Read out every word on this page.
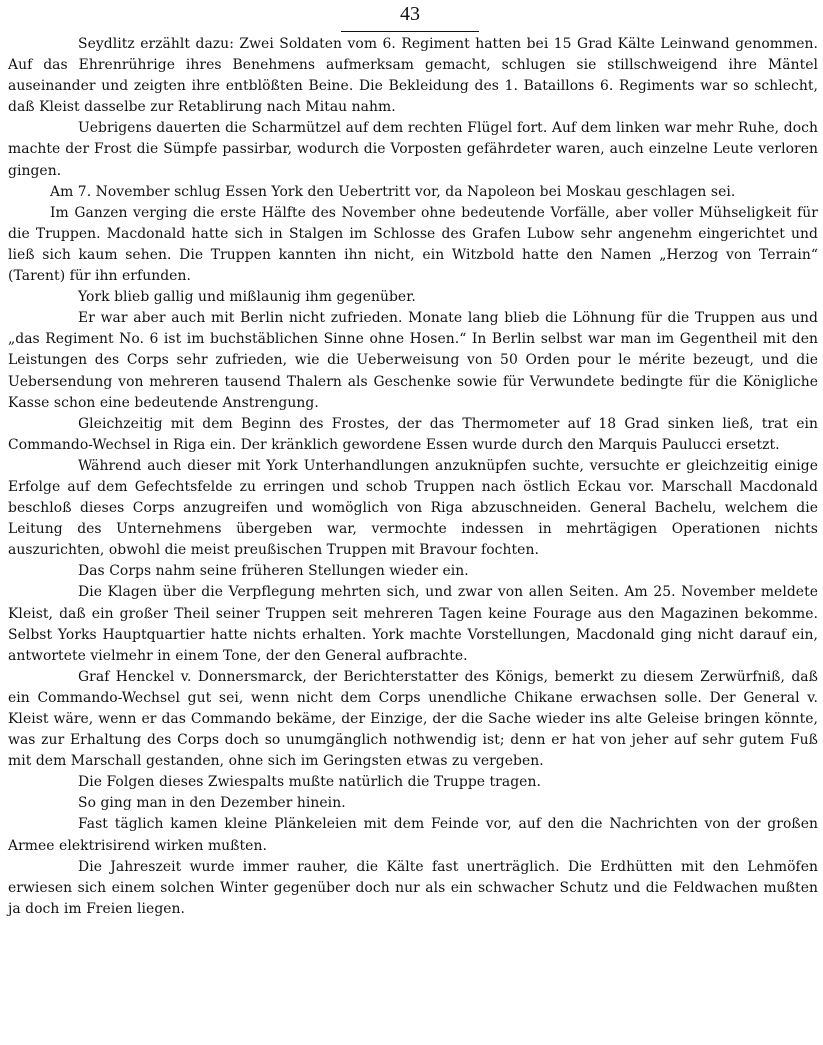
43

Seydlitz erzählt dazu: Zwei Soldaten vom 6. Regiment hatten bei 15 Grad Kälte Leinwand genommen. Auf das Ehrenrührige ihres Benehmens aufmerksam gemacht, schlugen sie stillschweigend ihre Mäntel auseinander und zeigten ihre entblößten Beine. Die Bekleidung des 1. Bataillons 6. Regiments war so schlecht, daß Kleist dasselbe zur Retablirung nach Mitau nahm.

Uebrigens dauerten die Scharmützel auf dem rechten Flügel fort. Auf dem linken war mehr Ruhe, doch machte der Frost die Sümpfe passirbar, wodurch die Vorposten gefährdeter waren, auch einzelne Leute verloren gingen.

Am 7. November schlug Essen York den Uebertritt vor, da Napoleon bei Moskau geschlagen sei.

Im Ganzen verging die erste Hälfte des November ohne bedeutende Vorfälle, aber voller Mühseligkeit für die Truppen. Macdonald hatte sich in Stalgen im Schlosse des Grafen Lubow sehr angenehm eingerichtet und ließ sich kaum sehen. Die Truppen kannten ihn nicht, ein Witzbold hatte den Namen „Herzog von Terrain“ (Tarent) für ihn erfunden.

York blieb gallig und mißlaunig ihm gegenüber.

Er war aber auch mit Berlin nicht zufrieden. Monate lang blieb die Löhnung für die Truppen aus und „das Regiment No. 6 ist im buchstäblichen Sinne ohne Hosen.“ In Berlin selbst war man im Gegentheil mit den Leistungen des Corps sehr zufrieden, wie die Ueberweisung von 50 Orden pour le mérite bezeugt, und die Uebersendung von mehreren tausend Thalern als Geschenke sowie für Verwundete bedingte für die Königliche Kasse schon eine bedeutende Anstrengung.

Gleichzeitig mit dem Beginn des Frostes, der das Thermometer auf 18 Grad sinken ließ, trat ein Commando-Wechsel in Riga ein. Der kränklich gewordene Essen wurde durch den Marquis Paulucci ersetzt.

Während auch dieser mit York Unterhandlungen anzuknüpfen suchte, versuchte er gleichzeitig einige Erfolge auf dem Gefechtsfelde zu erringen und schob Truppen nach östlich Eckau vor. Marschall Macdonald beschloß dieses Corps anzugreifen und womöglich von Riga abzuschneiden. General Bachelu, welchem die Leitung des Unternehmens übergeben war, vermochte indessen in mehrtägigen Operationen nichts auszurichten, obwohl die meist preußischen Truppen mit Bravour fochten.

Das Corps nahm seine früheren Stellungen wieder ein.

Die Klagen über die Verpflegung mehrten sich, und zwar von allen Seiten. Am 25. November meldete Kleist, daß ein großer Theil seiner Truppen seit mehreren Tagen keine Fourage aus den Magazinen bekomme. Selbst Yorks Hauptquartier hatte nichts erhalten. York machte Vorstellungen, Macdonald ging nicht darauf ein, antwortete vielmehr in einem Tone, der den General aufbrachte.

Graf Henckel v. Donnersmarck, der Berichterstatter des Königs, bemerkt zu diesem Zerwürfniß, daß ein Commando-Wechsel gut sei, wenn nicht dem Corps unendliche Chikane erwachsen solle. Der General v. Kleist wäre, wenn er das Commando bekäme, der Einzige, der die Sache wieder ins alte Geleise bringen könnte, was zur Erhaltung des Corps doch so unumgänglich nothwendig ist; denn er hat von jeher auf sehr gutem Fuß mit dem Marschall gestanden, ohne sich im Geringsten etwas zu vergeben.

Die Folgen dieses Zwiespalts mußte natürlich die Truppe tragen.

So ging man in den Dezember hinein.

Fast täglich kamen kleine Plänkeleien mit dem Feinde vor, auf den die Nachrichten von der großen Armee elektrisirend wirken mußten.

Die Jahreszeit wurde immer rauher, die Kälte fast unerträglich. Die Erdhütten mit den Lehmöfen erwiesen sich einem solchen Winter gegenüber doch nur als ein schwacher Schutz und die Feldwachen mußten ja doch im Freien liegen.
